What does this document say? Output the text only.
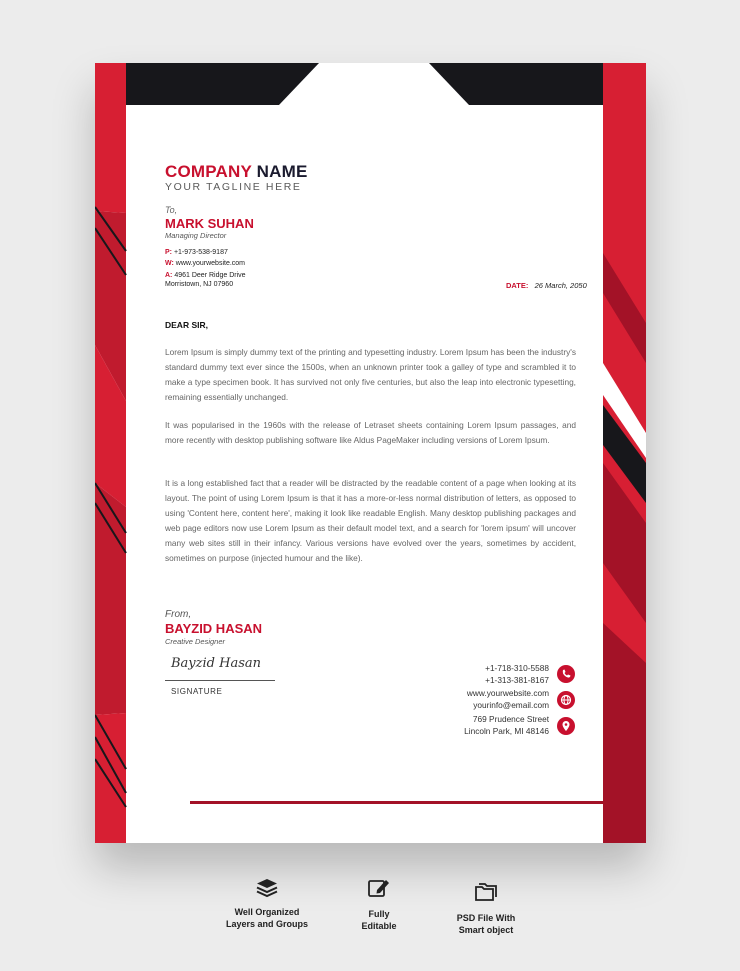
COMPANY NAME
YOUR TAGLINE HERE
To,
MARK SUHAN
Managing Director
P: +1-973-538-9187
W: www.yourwebsite.com
A: 4961 Deer Ridge Drive
Morristown, NJ 07960	DATE: 26 March, 2050
DEAR SIR,

Lorem Ipsum is simply dummy text of the printing and typesetting industry. Lorem Ipsum has been the industry's standard dummy text ever since the 1500s, when an unknown printer took a galley of type and scrambled it to make a type specimen book. It has survived not only five centuries, but also the leap into electronic typesetting, remaining essentially unchanged.

It was popularised in the 1960s with the release of Letraset sheets containing Lorem Ipsum passages, and more recently with desktop publishing software like Aldus PageMaker including versions of Lorem Ipsum.

It is a long established fact that a reader will be distracted by the readable content of a page when looking at its layout. The point of using Lorem Ipsum is that it has a more-or-less normal distribution of letters, as opposed to using 'Content here, content here', making it look like readable English. Many desktop publishing packages and web page editors now use Lorem Ipsum as their default model text, and a search for 'lorem ipsum' will uncover many web sites still in their infancy. Various versions have evolved over the years, sometimes by accident, sometimes on purpose (injected humour and the like).

From,
BAYZID HASAN
Creative Designer
Bayzid Hasan
SIGNATURE
+1-718-310-5588
+1-313-381-8167
www.yourwebsite.com
yourinfo@email.com
769 Prudence Street
Lincoln Park, MI 48146
Well Organized
Layers and Groups
Fully
Editable
PSD File With
Smart object
